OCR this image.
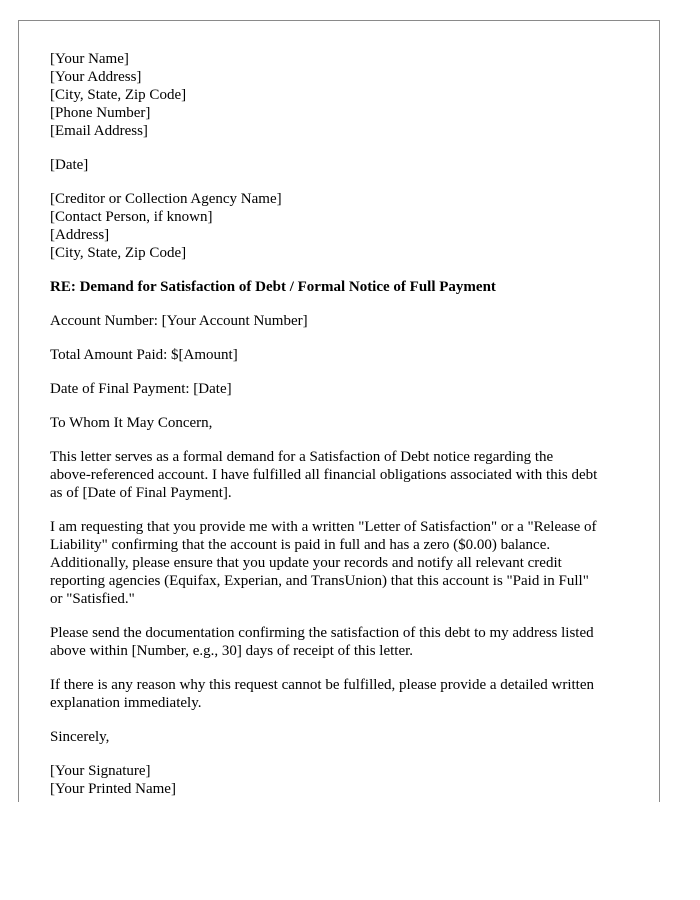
[Your Name]
[Your Address]
[City, State, Zip Code]
[Phone Number]
[Email Address]
[Date]
[Creditor or Collection Agency Name]
[Contact Person, if known]
[Address]
[City, State, Zip Code]
RE: Demand for Satisfaction of Debt / Formal Notice of Full Payment
Account Number: [Your Account Number]
Total Amount Paid: $[Amount]
Date of Final Payment: [Date]
To Whom It May Concern,
This letter serves as a formal demand for a Satisfaction of Debt notice regarding the
above-referenced account. I have fulfilled all financial obligations associated with this debt
as of [Date of Final Payment].
I am requesting that you provide me with a written "Letter of Satisfaction" or a "Release of
Liability" confirming that the account is paid in full and has a zero ($0.00) balance.
Additionally, please ensure that you update your records and notify all relevant credit
reporting agencies (Equifax, Experian, and TransUnion) that this account is "Paid in Full"
or "Satisfied."
Please send the documentation confirming the satisfaction of this debt to my address listed
above within [Number, e.g., 30] days of receipt of this letter.
If there is any reason why this request cannot be fulfilled, please provide a detailed written
explanation immediately.
Sincerely,
[Your Signature]
[Your Printed Name]
